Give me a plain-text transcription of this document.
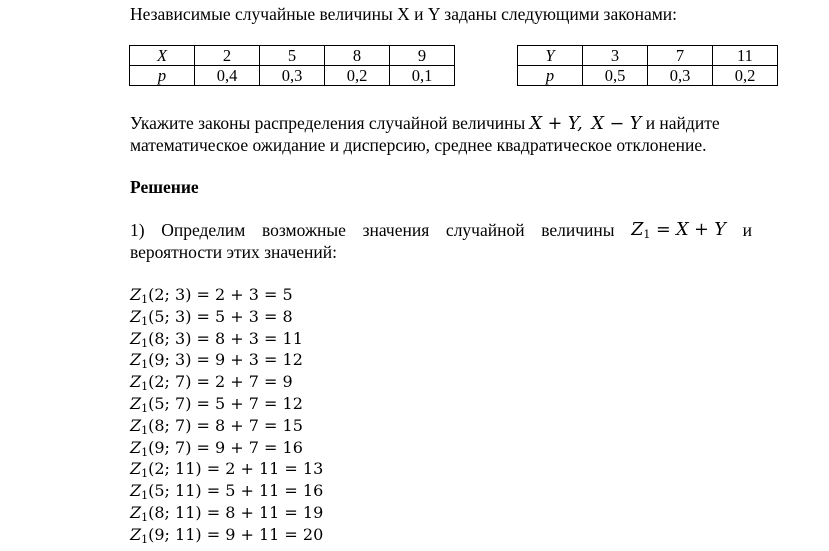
Независимые случайные величины X и Y заданы следующими законами:
X	2	5	8	9
p	0,4	0,3	0,2	0,1
Y	3	7	11
p	0,5	0,3	0,2
Укажите законы распределения случайной величины X + Y, X − Y и найдите
математическое ожидание и дисперсию, среднее квадратическое отклонение.
Решение
1) Определим возможные значения случайной величины $Z_1 = X + Y$ и
вероятности этих значений:
$Z_1(2$; 3) = 2 + 3 = 5
$Z_1(5$; 3) = 5 + 3 = 8
$Z_1(8$; 3) = 8 + 3 = 11
$Z_1(9$; 3) = 9 + 3 = 12
$Z_1(2$; 7) = 2 + 7 = 9
$Z_1(5$; 7) = 5 + 7 = 12
$Z_1(8$; 7) = 8 + 7 = 15
$Z_1(9$; 7) = 9 + 7 = 16
$Z_1(2$; 11) = 2 + 11 = 13
$Z_1(5$; 11) = 5 + 11 = 16
$Z_1(8$; 11) = 8 + 11 = 19
$Z_1(9$; 11) = 9 + 11 = 20
